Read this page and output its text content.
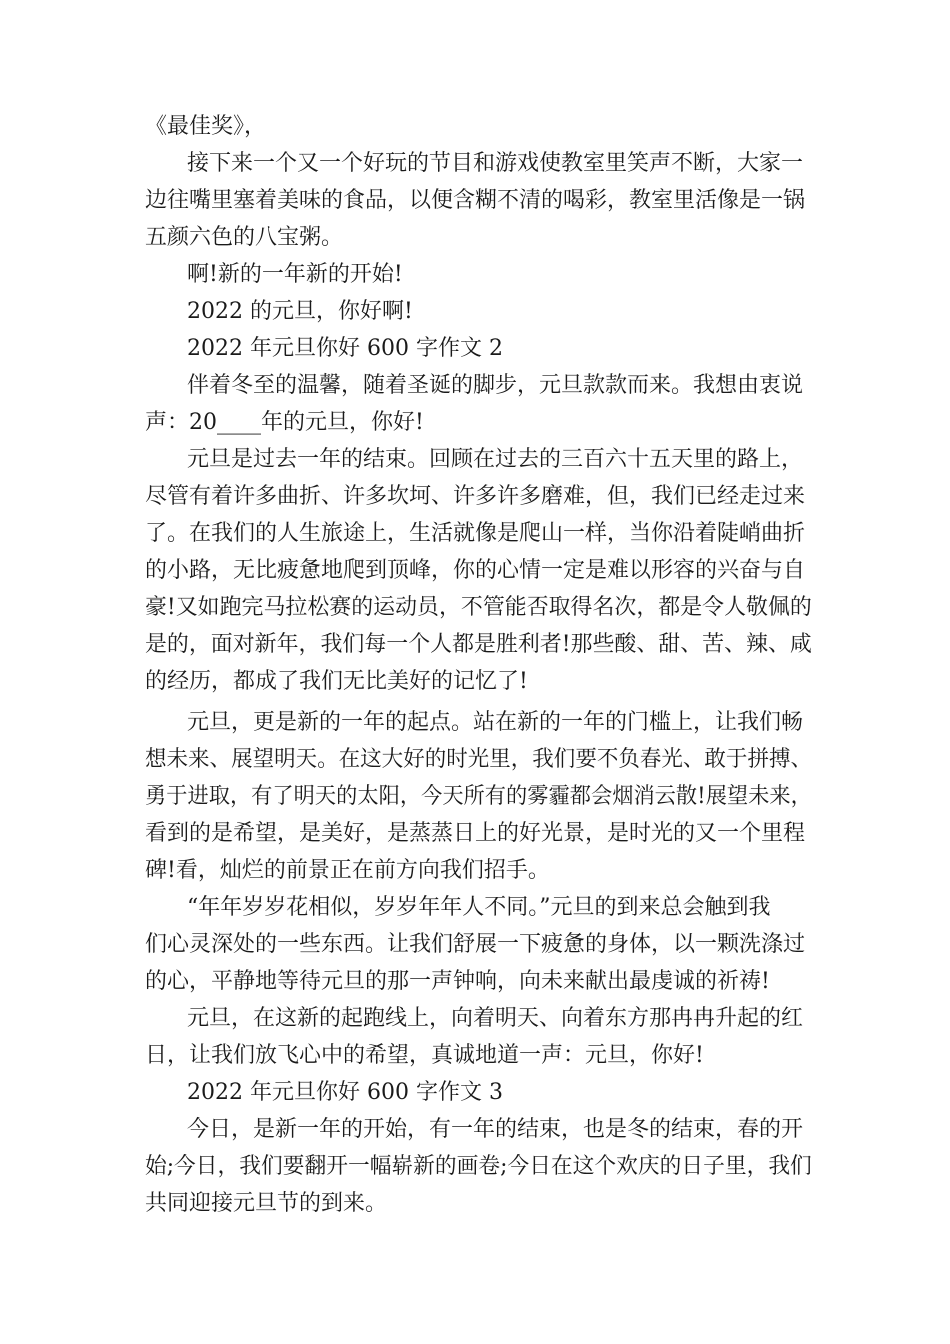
《最佳奖》，
接下来一个又一个好玩的节目和游戏使教室里笑声不断，大家一
边往嘴里塞着美味的食品，以便含糊不清的喝彩，教室里活像是一锅
五颜六色的八宝粥。
啊!新的一年新的开始!
2022 的元旦，你好啊!
2022 年元旦你好 600 字作文 2
伴着冬至的温馨，随着圣诞的脚步，元旦款款而来。我想由衷说
声：20____年的元旦，你好!
元旦是过去一年的结束。回顾在过去的三百六十五天里的路上，
尽管有着许多曲折、许多坎坷、许多许多磨难，但，我们已经走过来
了。在我们的人生旅途上，生活就像是爬山一样，当你沿着陡峭曲折
的小路，无比疲惫地爬到顶峰，你的心情一定是难以形容的兴奋与自
豪!又如跑完马拉松赛的运动员，不管能否取得名次，都是令人敬佩的
是的，面对新年，我们每一个人都是胜利者!那些酸、甜、苦、辣、咸
的经历，都成了我们无比美好的记忆了!
元旦，更是新的一年的起点。站在新的一年的门槛上，让我们畅
想未来、展望明天。在这大好的时光里，我们要不负春光、敢于拼搏、
勇于进取，有了明天的太阳，今天所有的雾霾都会烟消云散!展望未来，
看到的是希望，是美好，是蒸蒸日上的好光景，是时光的又一个里程
碑!看，灿烂的前景正在前方向我们招手。
“年年岁岁花相似，岁岁年年人不同。”元旦的到来总会触到我
们心灵深处的一些东西。让我们舒展一下疲惫的身体，以一颗洗涤过
的心，平静地等待元旦的那一声钟响，向未来献出最虔诚的祈祷!
元旦，在这新的起跑线上，向着明天、向着东方那冉冉升起的红
日，让我们放飞心中的希望，真诚地道一声：元旦，你好!
2022 年元旦你好 600 字作文 3
今日，是新一年的开始，有一年的结束，也是冬的结束，春的开
始;今日，我们要翻开一幅崭新的画卷;今日在这个欢庆的日子里，我们
共同迎接元旦节的到来。
